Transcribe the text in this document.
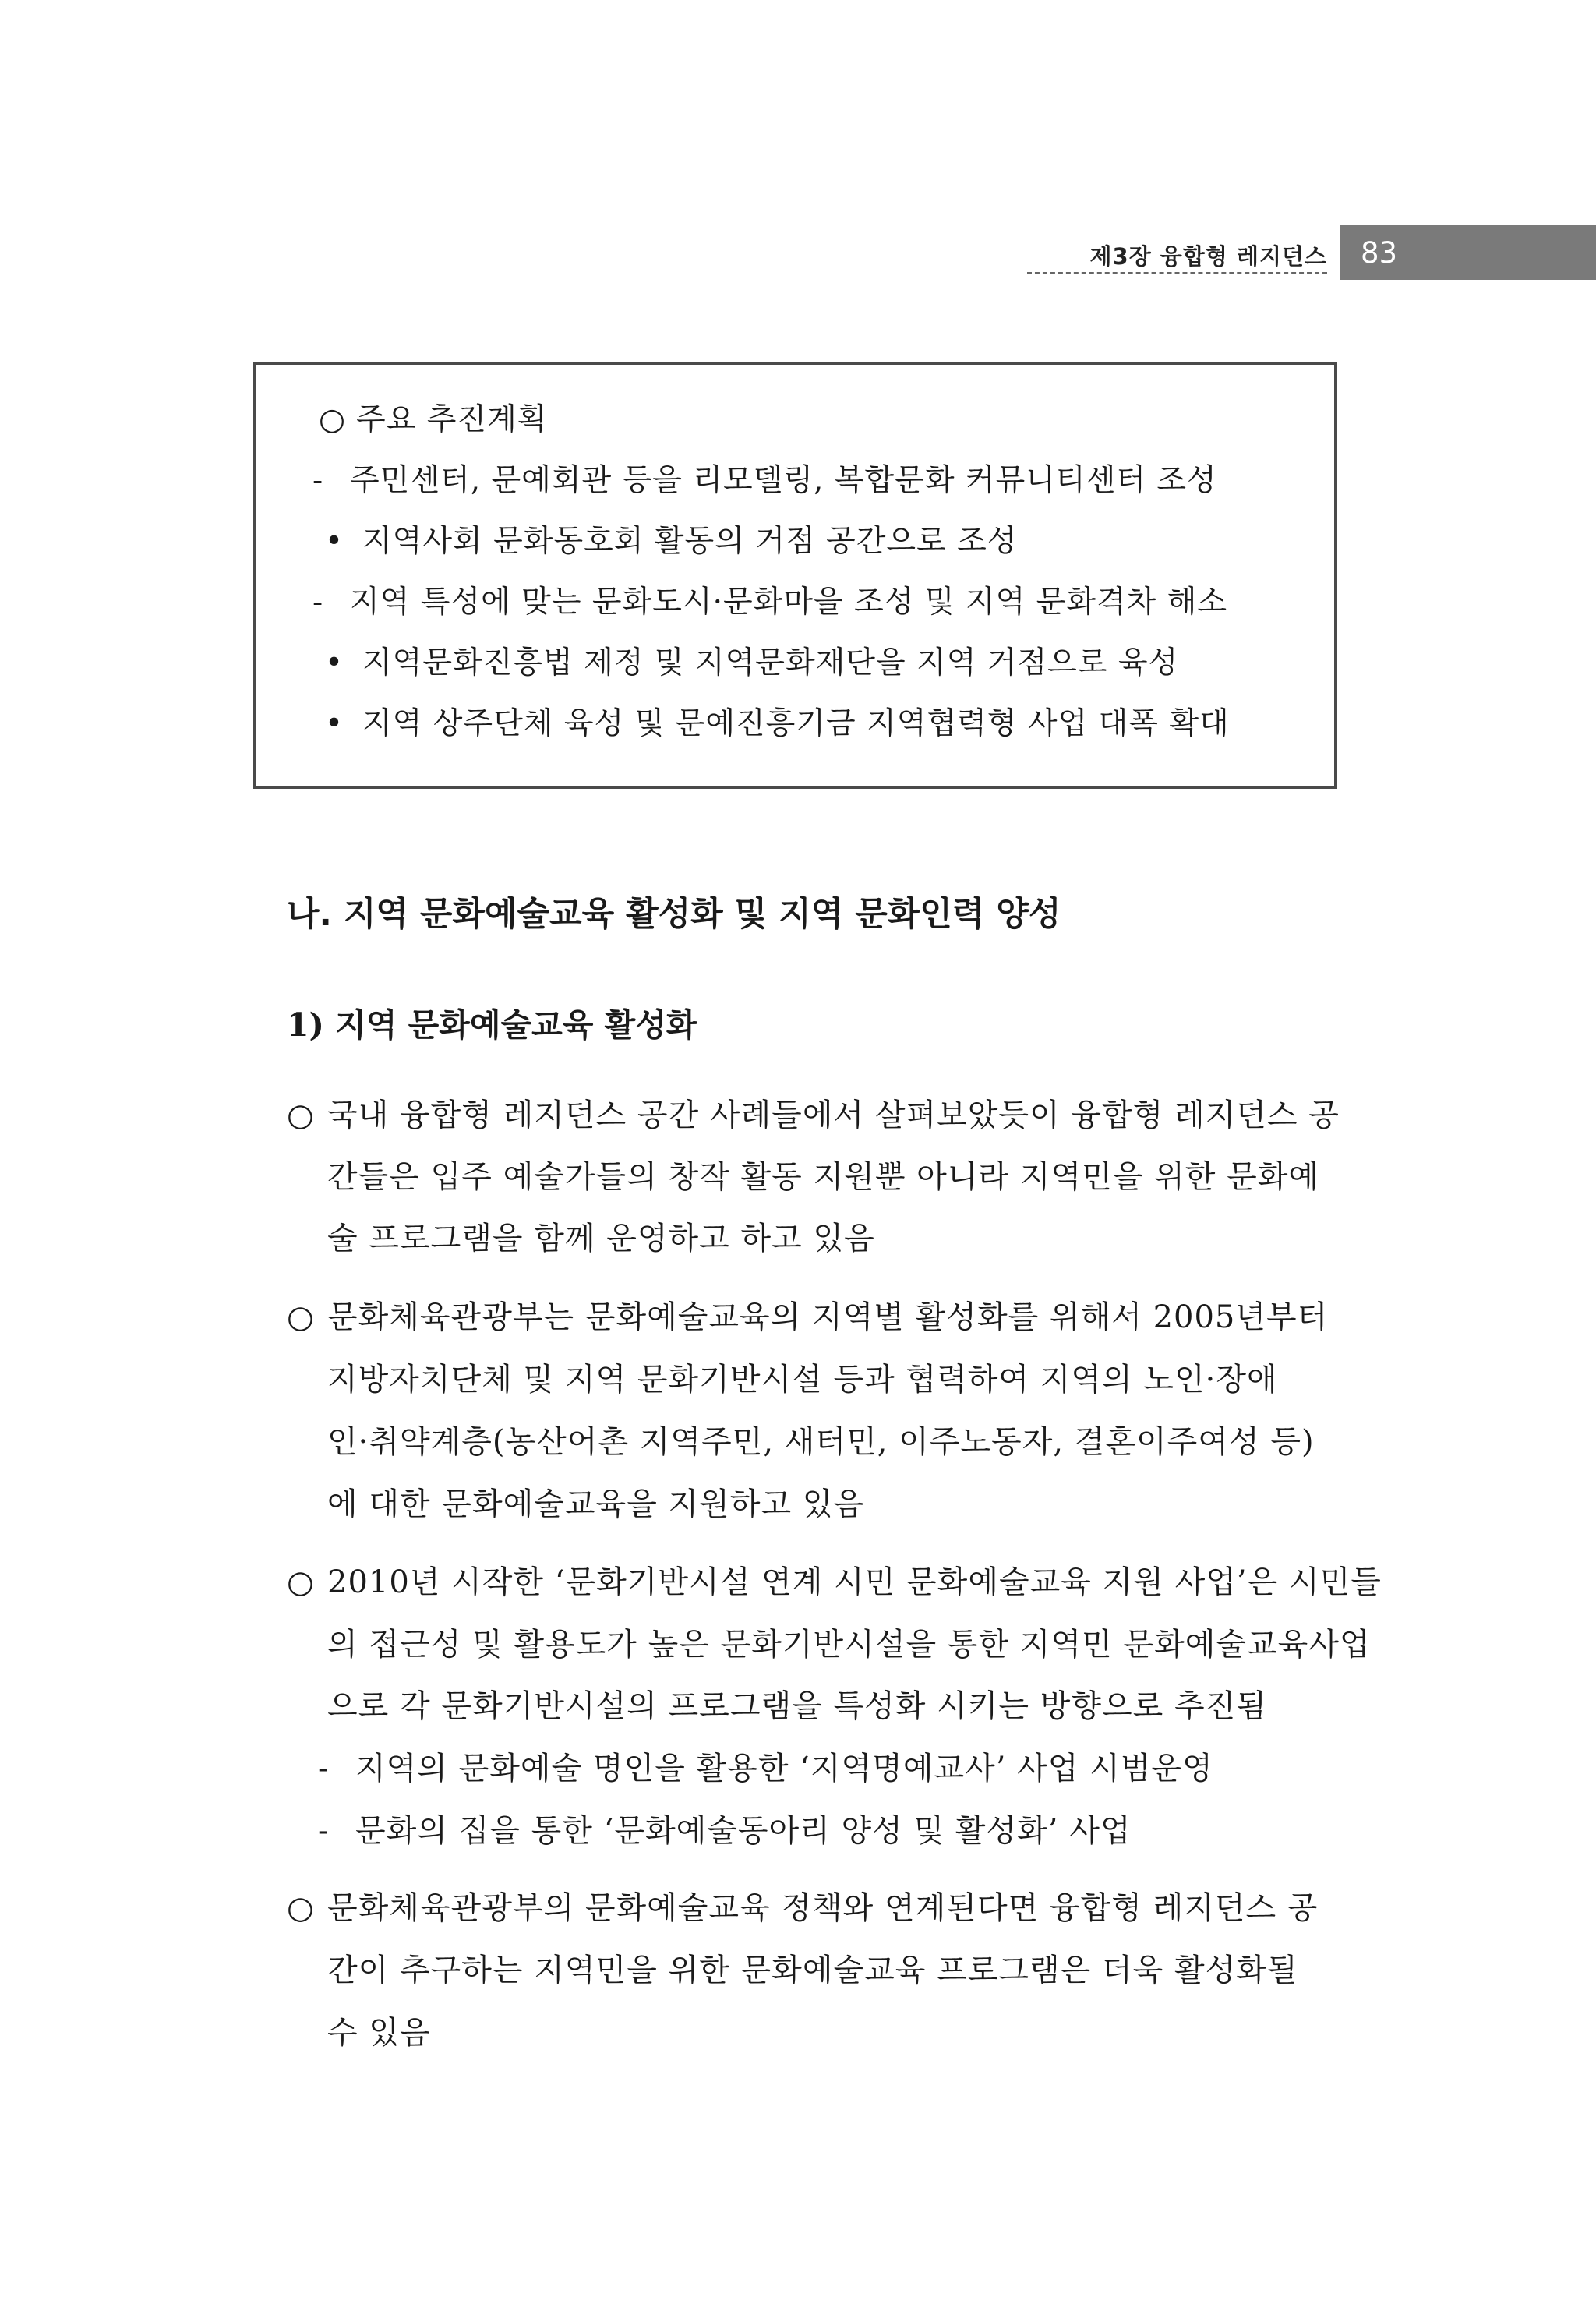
제3장 융합형 레지던스 83
○ 주요 추진계획
- 주민센터, 문예회관 등을 리모델링, 복합문화 커뮤니티센터 조성
• 지역사회 문화동호회 활동의 거점 공간으로 조성
- 지역 특성에 맞는 문화도시·문화마을 조성 및 지역 문화격차 해소
• 지역문화진흥법 제정 및 지역문화재단을 지역 거점으로 육성
• 지역 상주단체 육성 및 문예진흥기금 지역협력형 사업 대폭 확대
나. 지역 문화예술교육 활성화 및 지역 문화인력 양성
1) 지역 문화예술교육 활성화
○ 국내 융합형 레지던스 공간 사례들에서 살펴보았듯이 융합형 레지던스 공
간들은 입주 예술가들의 창작 활동 지원뿐 아니라 지역민을 위한 문화예
술 프로그램을 함께 운영하고 하고 있음
○ 문화체육관광부는 문화예술교육의 지역별 활성화를 위해서 2005년부터
지방자치단체 및 지역 문화기반시설 등과 협력하여 지역의 노인·장애
인·취약계층(농산어촌 지역주민, 새터민, 이주노동자, 결혼이주여성 등)
에 대한 문화예술교육을 지원하고 있음
○ 2010년 시작한 ‘문화기반시설 연계 시민 문화예술교육 지원 사업’은 시민들
의 접근성 및 활용도가 높은 문화기반시설을 통한 지역민 문화예술교육사업
으로 각 문화기반시설의 프로그램을 특성화 시키는 방향으로 추진됨
- 지역의 문화예술 명인을 활용한 ‘지역명예교사’ 사업 시범운영
- 문화의 집을 통한 ‘문화예술동아리 양성 및 활성화’ 사업
○ 문화체육관광부의 문화예술교육 정책와 연계된다면 융합형 레지던스 공
간이 추구하는 지역민을 위한 문화예술교육 프로그램은 더욱 활성화될
수 있음
